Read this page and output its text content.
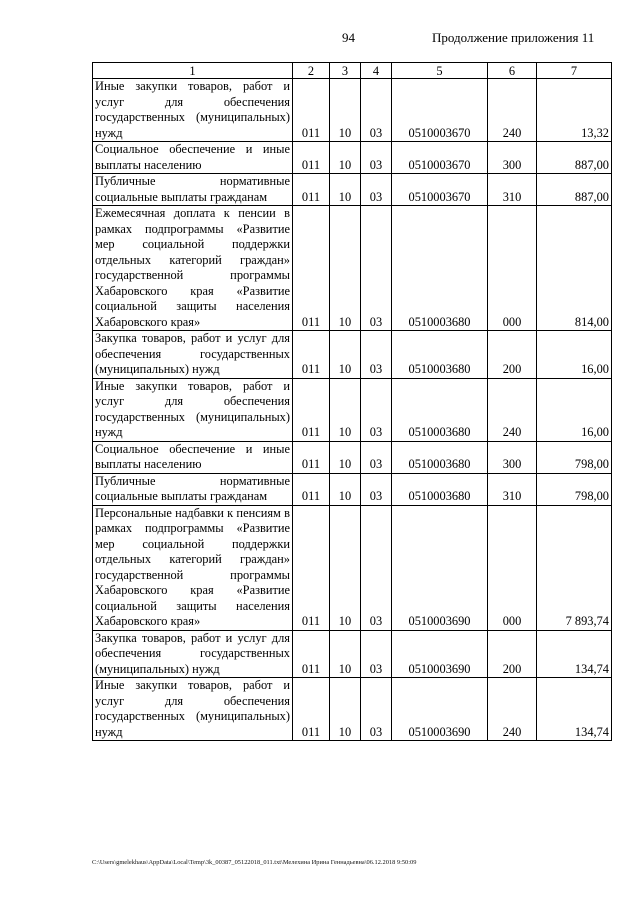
94	Продолжение приложения 11
1	2	3	4	5	6	7
Иные закупки товаров, работ и услуг для обеспечения государственных (муниципальных) нужд	011	10	03	0510003670	240	13,32
Социальное обеспечение и иные выплаты населению	011	10	03	0510003670	300	887,00
Публичные нормативные социальные выплаты гражданам	011	10	03	0510003670	310	887,00
Ежемесячная доплата к пенсии в рамках подпрограммы «Развитие мер социальной поддержки отдельных категорий граждан» государственной программы Хабаровского края «Развитие социальной защиты населения Хабаровского края»	011	10	03	0510003680	000	814,00
Закупка товаров, работ и услуг для обеспечения государственных (муниципальных) нужд	011	10	03	0510003680	200	16,00
Иные закупки товаров, работ и услуг для обеспечения государственных (муниципальных) нужд	011	10	03	0510003680	240	16,00
Социальное обеспечение и иные выплаты населению	011	10	03	0510003680	300	798,00
Публичные нормативные социальные выплаты гражданам	011	10	03	0510003680	310	798,00
Персональные надбавки к пенсиям в рамках подпрограммы «Развитие мер социальной поддержки отдельных категорий граждан» государственной программы Хабаровского края «Развитие социальной защиты населения Хабаровского края»	011	10	03	0510003690	000	7 893,74
Закупка товаров, работ и услуг для обеспечения государственных (муниципальных) нужд	011	10	03	0510003690	200	134,74
Иные закупки товаров, работ и услуг для обеспечения государственных (муниципальных) нужд	011	10	03	0510003690	240	134,74
C:\Users\gmelekhaus\AppData\Local\Temp\3k_00387_05122018_011.txt\Мелехина Ирина Геннадьевна\06.12.2018 9:50:09
